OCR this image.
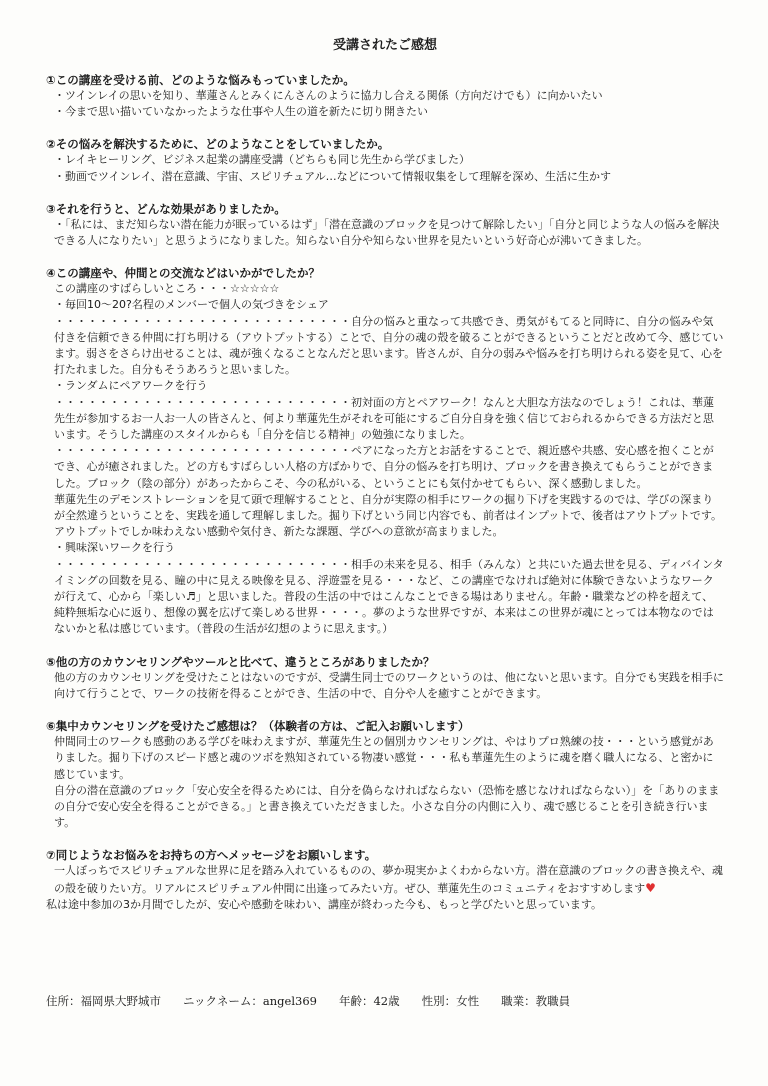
受講されたご感想

①この講座を受ける前、どのような悩みもっていましたか。

・ツインレイの思いを知り、華蓮さんとみくにんさんのように協力し合える関係（方向だけでも）に向かいたい

・今まで思い描いていなかったような仕事や人生の道を新たに切り開きたい

②その悩みを解決するために、どのようなことをしていましたか。

・レイキヒーリング、ビジネス起業の講座受講（どちらも同じ先生から学びました）

・動画でツインレイ、潜在意識、宇宙、スピリチュアル…などについて情報収集をして理解を深め、生活に生かす

③それを行うと、どんな効果がありましたか。

・「私には、まだ知らない潜在能力が眠っているはず」「潜在意識のブロックを見つけて解除したい」「自分と同じような人の悩みを解決できる人になりたい」と思うようになりました。知らない自分や知らない世界を見たいという好奇心が沸いてきました。

④この講座や、仲間との交流などはいかがでしたか？

この講座のすばらしいところ・・・☆☆☆☆☆

・毎回10～20?名程のメンバーで個人の気づきをシェア

・・・・・・・・・・・・・・・・・・・・・・・・・・・自分の悩みと重なって共感でき、勇気がもてると同時に、自分の悩みや気付きを信頼できる仲間に打ち明ける（アウトプットする）ことで、自分の魂の殻を破ることができるということだと改めて今、感じています。弱さをさらけ出せることは、魂が強くなることなんだと思います。皆さんが、自分の弱みや悩みを打ち明けられる姿を見て、心を打たれました。自分もそうあろうと思いました。

・ランダムにペアワークを行う

・・・・・・・・・・・・・・・・・・・・・・・・・・・初対面の方とペアワーク！なんと大胆な方法なのでしょう！これは、華蓮先生が参加するお一人お一人の皆さんと、何より華蓮先生がそれを可能にするご自分自身を強く信じておられるからできる方法だと思います。そうした講座のスタイルからも「自分を信じる精神」の勉強になりました。

・・・・・・・・・・・・・・・・・・・・・・・・・・・ペアになった方とお話をすることで、親近感や共感、安心感を抱くことができ、心が癒されました。どの方もすばらしい人格の方ばかりで、自分の悩みを打ち明け、ブロックを書き換えてもらうことができました。ブロック（陰の部分）があったからこそ、今の私がいる、ということにも気付かせてもらい、深く感動しました。

華蓮先生のデモンストレーションを見て頭で理解することと、自分が実際の相手にワークの掘り下げを実践するのでは、学びの深まりが全然違うということを、実践を通して理解しました。掘り下げという同じ内容でも、前者はインプットで、後者はアウトプットです。アウトプットでしか味わえない感動や気付き、新たな課題、学びへの意欲が高まりました。

・興味深いワークを行う

・・・・・・・・・・・・・・・・・・・・・・・・・・・相手の未来を見る、相手（みんな）と共にいた過去世を見る、ディバインタイミングの回数を見る、瞳の中に見える映像を見る、浮遊霊を見る・・・など、この講座でなければ絶対に体験できないようなワークが行えて、心から「楽しい♬」と思いました。普段の生活の中ではこんなことできる場はありません。年齢・職業などの枠を超えて、純粋無垢な心に返り、想像の翼を広げて楽しめる世界・・・・。夢のような世界ですが、本来はこの世界が魂にとっては本物なのではないかと私は感じています。（普段の生活が幻想のように思えます。）

⑤他の方のカウンセリングやツールと比べて、違うところがありましたか？

他の方のカウンセリングを受けたことはないのですが、受講生同士でのワークというのは、他にないと思います。自分でも実践を相手に向けて行うことで、ワークの技術を得ることができ、生活の中で、自分や人を癒すことができます。

⑥集中カウンセリングを受けたご感想は？（体験者の方は、ご記入お願いします）

仲間同士のワークも感動のある学びを味わえますが、華蓮先生との個別カウンセリングは、やはりプロ熟練の技・・・という感覚がありました。掘り下げのスピード感と魂のツボを熟知されている物凄い感覚・・・私も華蓮先生のように魂を磨く職人になる、と密かに感じています。

自分の潜在意識のブロック「安心安全を得るためには、自分を偽らなければならない（恐怖を感じなければならない）」を「ありのままの自分で安心安全を得ることができる。」と書き換えていただきました。小さな自分の内側に入り、魂で感じることを引き続き行います。

⑦同じようなお悩みをお持ちの方へメッセージをお願いします。

一人ぼっちでスピリチュアルな世界に足を踏み入れているものの、夢か現実かよくわからない方。潜在意識のブロックの書き換えや、魂の殻を破りたい方。リアルにスピリチュアル仲間に出逢ってみたい方。ぜひ、華蓮先生のコミュニティをおすすめします♥

私は途中参加の3か月間でしたが、安心や感動を味わい、講座が終わった今も、もっと学びたいと思っています。

住所：福岡県大野城市 ニックネーム：angel369 年齢：42歳 性別：女性 職業：教職員
